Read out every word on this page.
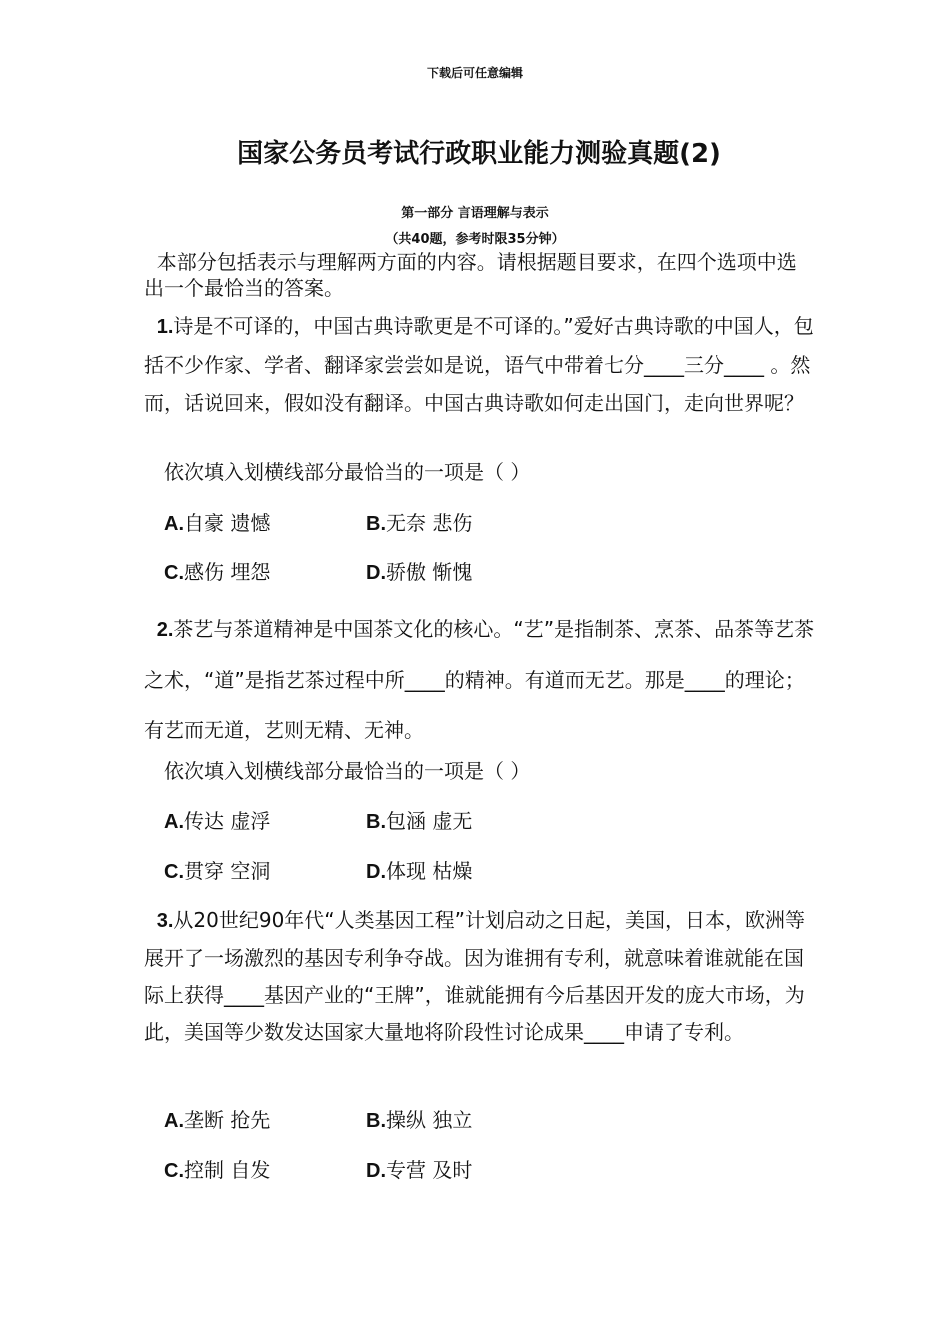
下载后可任意编辑
国家公务员考试行政职业能力测验真题(2)
第一部分 言语理解与表示
（共40题，参考时限35分钟）
本部分包括表示与理解两方面的内容。请根据题目要求，在四个选项中选出一个最恰当的答案。
1.诗是不可译的，中国古典诗歌更是不可译的。”爱好古典诗歌的中国人，包括不少作家、学者、翻译家尝尝如是说，语气中带着七分____三分____ 。然而，话说回来，假如没有翻译。中国古典诗歌如何走出国门，走向世界呢？
依次填入划横线部分最恰当的一项是（ ）
A.自豪 遗憾	B.无奈 悲伤
C.感伤 埋怨	D.骄傲 惭愧
2.茶艺与茶道精神是中国茶文化的核心。“艺”是指制茶、烹茶、品茶等艺茶之术，“道”是指艺茶过程中所____的精神。有道而无艺。那是____的理论；有艺而无道，艺则无精、无神。
依次填入划横线部分最恰当的一项是（ ）
A.传达 虚浮	B.包涵 虚无
C.贯穿 空洞	D.体现 枯燥
3.从20世纪90年代“人类基因工程”计划启动之日起，美国，日本，欧洲等展开了一场激烈的基因专利争夺战。因为谁拥有专利，就意味着谁就能在国际上获得____基因产业的“王牌”，谁就能拥有今后基因开发的庞大市场，为此，美国等少数发达国家大量地将阶段性讨论成果____申请了专利。
A.垄断 抢先	B.操纵 独立
C.控制 自发	D.专营 及时
